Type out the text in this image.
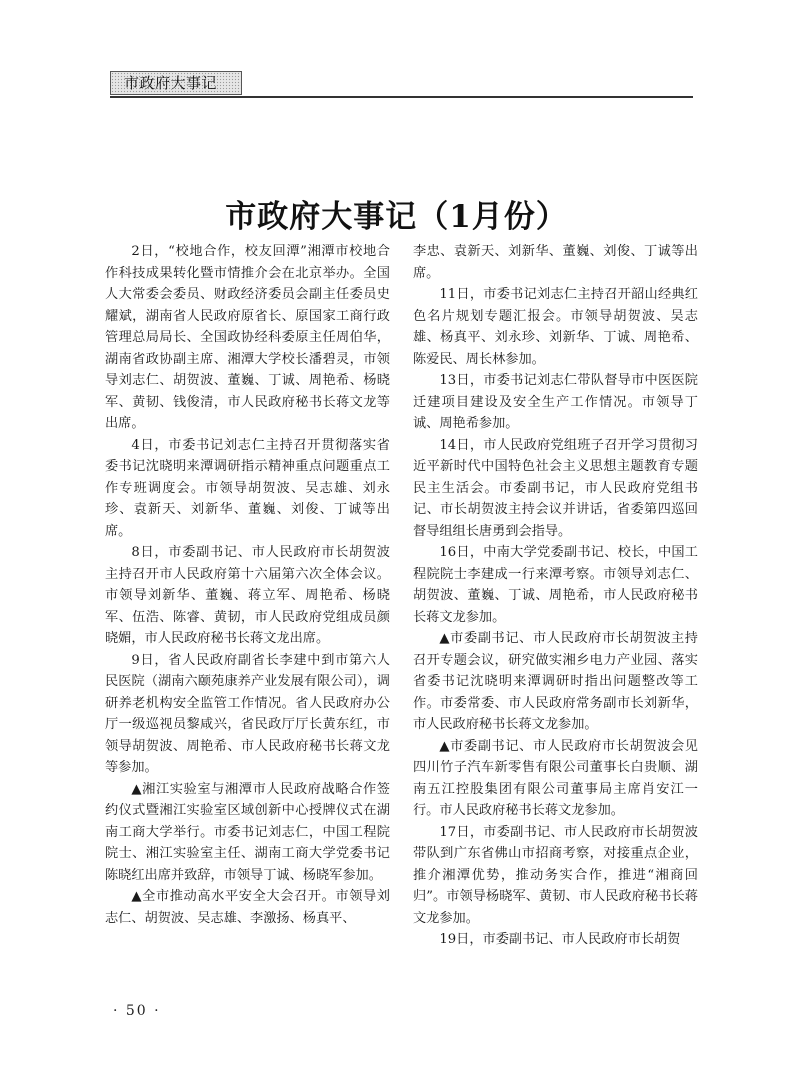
市政府大事记
市政府大事记（1月份）

2日，“校地合作，校友回潭”湘潭市校地合作科技成果转化暨市情推介会在北京举办。全国人大常委会委员、财政经济委员会副主任委员史耀斌，湖南省人民政府原省长、原国家工商行政管理总局局长、全国政协经科委原主任周伯华，湖南省政协副主席、湘潭大学校长潘碧灵，市领导刘志仁、胡贺波、董巍、丁诚、周艳希、杨晓军、黄韧、钱俊清，市人民政府秘书长蒋文龙等出席。

4日，市委书记刘志仁主持召开贯彻落实省委书记沈晓明来潭调研指示精神重点问题重点工作专班调度会。市领导胡贺波、吴志雄、刘永珍、袁新天、刘新华、董巍、刘俊、丁诚等出席。

8日，市委副书记、市人民政府市长胡贺波主持召开市人民政府第十六届第六次全体会议。市领导刘新华、董巍、蒋立军、周艳希、杨晓军、伍浩、陈睿、黄韧，市人民政府党组成员颜晓媚，市人民政府秘书长蒋文龙出席。

9日，省人民政府副省长李建中到市第六人民医院（湖南六颐苑康养产业发展有限公司），调研养老机构安全监管工作情况。省人民政府办公厅一级巡视员黎咸兴，省民政厅厅长黄东红，市领导胡贺波、周艳希、市人民政府秘书长蒋文龙等参加。

▲湘江实验室与湘潭市人民政府战略合作签约仪式暨湘江实验室区域创新中心授牌仪式在湖南工商大学举行。市委书记刘志仁，中国工程院院士、湘江实验室主任、湖南工商大学党委书记陈晓红出席并致辞，市领导丁诚、杨晓军参加。

▲全市推动高水平安全大会召开。市领导刘志仁、胡贺波、吴志雄、李激扬、杨真平、

李忠、袁新天、刘新华、董巍、刘俊、丁诚等出席。

11日，市委书记刘志仁主持召开韶山经典红色名片规划专题汇报会。市领导胡贺波、吴志雄、杨真平、刘永珍、刘新华、丁诚、周艳希、陈爱民、周长林参加。

13日，市委书记刘志仁带队督导市中医医院迁建项目建设及安全生产工作情况。市领导丁诚、周艳希参加。

14日，市人民政府党组班子召开学习贯彻习近平新时代中国特色社会主义思想主题教育专题民主生活会。市委副书记，市人民政府党组书记、市长胡贺波主持会议并讲话，省委第四巡回督导组组长唐勇到会指导。

16日，中南大学党委副书记、校长，中国工程院院士李建成一行来潭考察。市领导刘志仁、胡贺波、董巍、丁诚、周艳希，市人民政府秘书长蒋文龙参加。

▲市委副书记、市人民政府市长胡贺波主持召开专题会议，研究做实湘乡电力产业园、落实省委书记沈晓明来潭调研时指出问题整改等工作。市委常委、市人民政府常务副市长刘新华，市人民政府秘书长蒋文龙参加。

▲市委副书记、市人民政府市长胡贺波会见四川竹子汽车新零售有限公司董事长白贵顺、湖南五江控股集团有限公司董事局主席肖安江一行。市人民政府秘书长蒋文龙参加。

17日，市委副书记、市人民政府市长胡贺波带队到广东省佛山市招商考察，对接重点企业，推介湘潭优势，推动务实合作，推进“湘商回归”。市领导杨晓军、黄韧、市人民政府秘书长蒋文龙参加。

19日，市委副书记、市人民政府市长胡贺

· 50 ·
